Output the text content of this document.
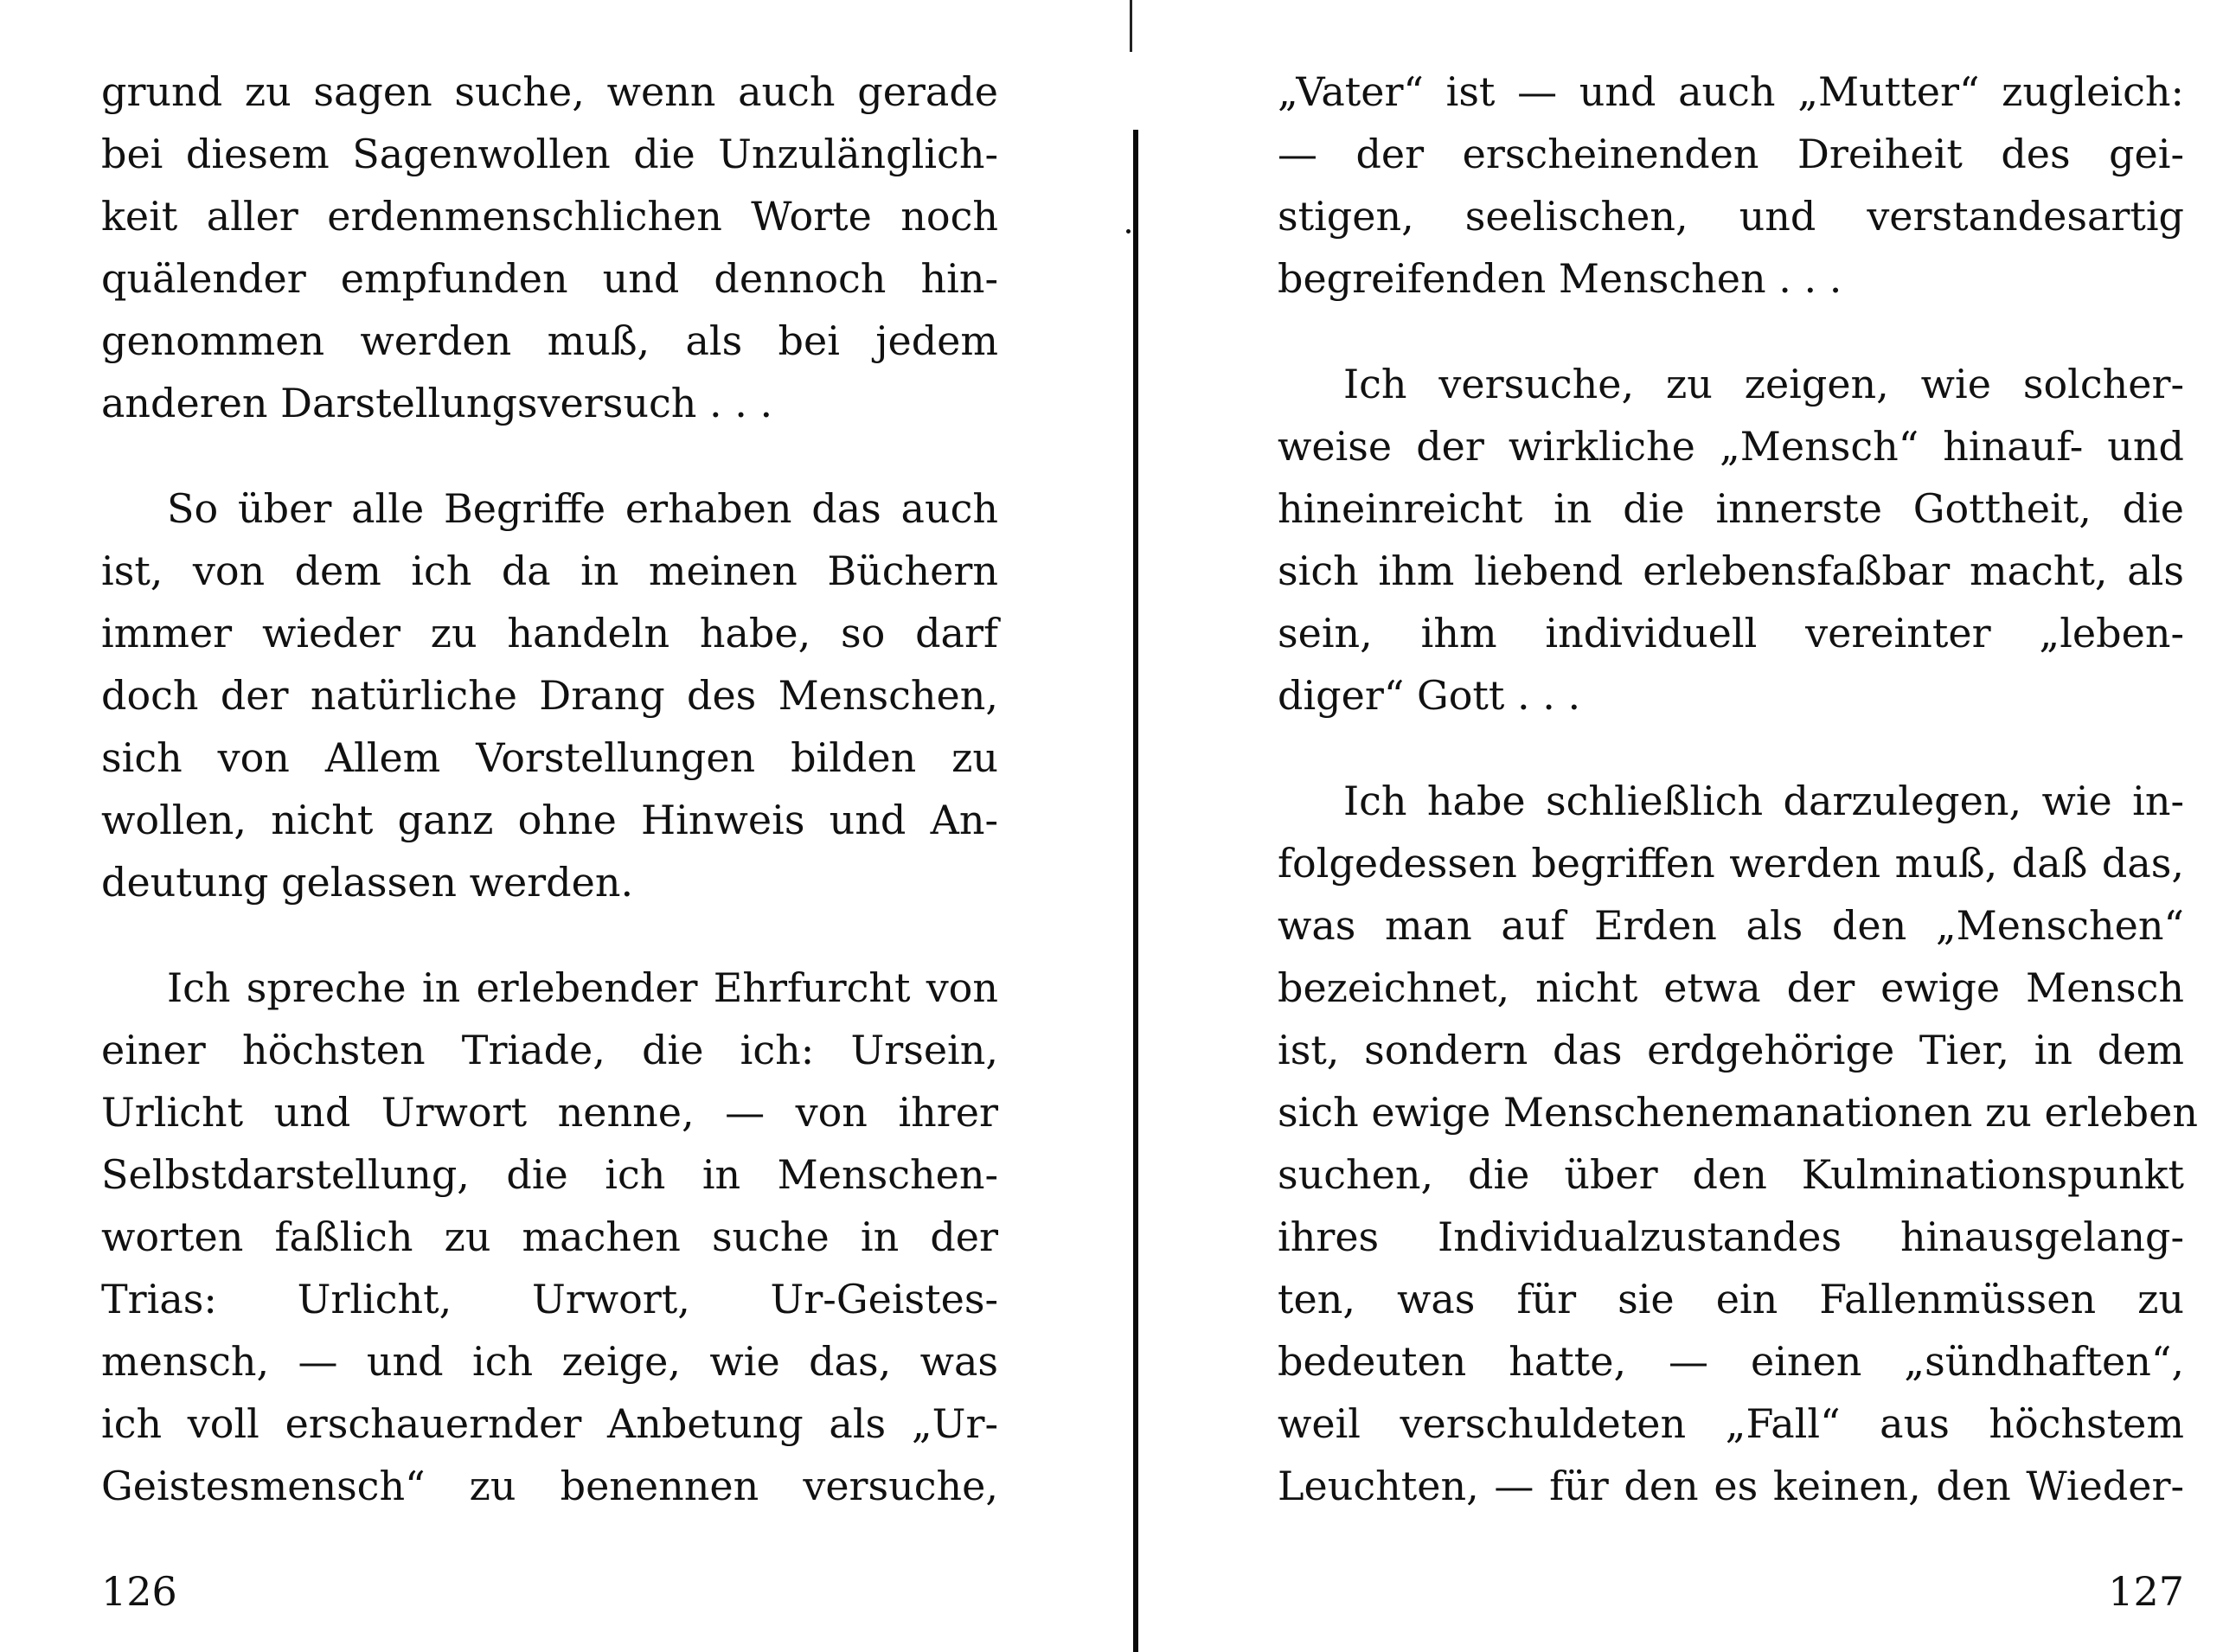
grund zu sagen suche, wenn auch gerade
bei diesem Sagenwollen die Unzulänglich-
keit aller erdenmenschlichen Worte noch
quälender empfunden und dennoch hin-
genommen werden muß, als bei jedem
anderen Darstellungsversuch . . .
So über alle Begriffe erhaben das auch
ist, von dem ich da in meinen Büchern
immer wieder zu handeln habe, so darf
doch der natürliche Drang des Menschen,
sich von Allem Vorstellungen bilden zu
wollen, nicht ganz ohne Hinweis und An-
deutung gelassen werden.
Ich spreche in erlebender Ehrfurcht von
einer höchsten Triade, die ich: Ursein,
Urlicht und Urwort nenne, — von ihrer
Selbstdarstellung, die ich in Menschen-
worten faßlich zu machen suche in der
Trias: Urlicht, Urwort, Ur-Geistes-
mensch, — und ich zeige, wie das, was
ich voll erschauernder Anbetung als „Ur-
Geistesmensch“ zu benennen versuche,
126
„Vater“ ist — und auch „Mutter“ zugleich:
— der erscheinenden Dreiheit des gei-
stigen, seelischen, und verstandesartig
begreifenden Menschen . . .
Ich versuche, zu zeigen, wie solcher-
weise der wirkliche „Mensch“ hinauf- und
hineinreicht in die innerste Gottheit, die
sich ihm liebend erlebensfaßbar macht, als
sein, ihm individuell vereinter „leben-
diger“ Gott . . .
Ich habe schließlich darzulegen, wie in-
folgedessen begriffen werden muß, daß das,
was man auf Erden als den „Menschen“
bezeichnet, nicht etwa der ewige Mensch
ist, sondern das erdgehörige Tier, in dem
sich ewige Menschenemanationen zu erleben
suchen, die über den Kulminationspunkt
ihres Individualzustandes hinausgelang-
ten, was für sie ein Fallenmüssen zu
bedeuten hatte, — einen „sündhaften“,
weil verschuldeten „Fall“ aus höchstem
Leuchten, — für den es keinen, den Wieder-
127
